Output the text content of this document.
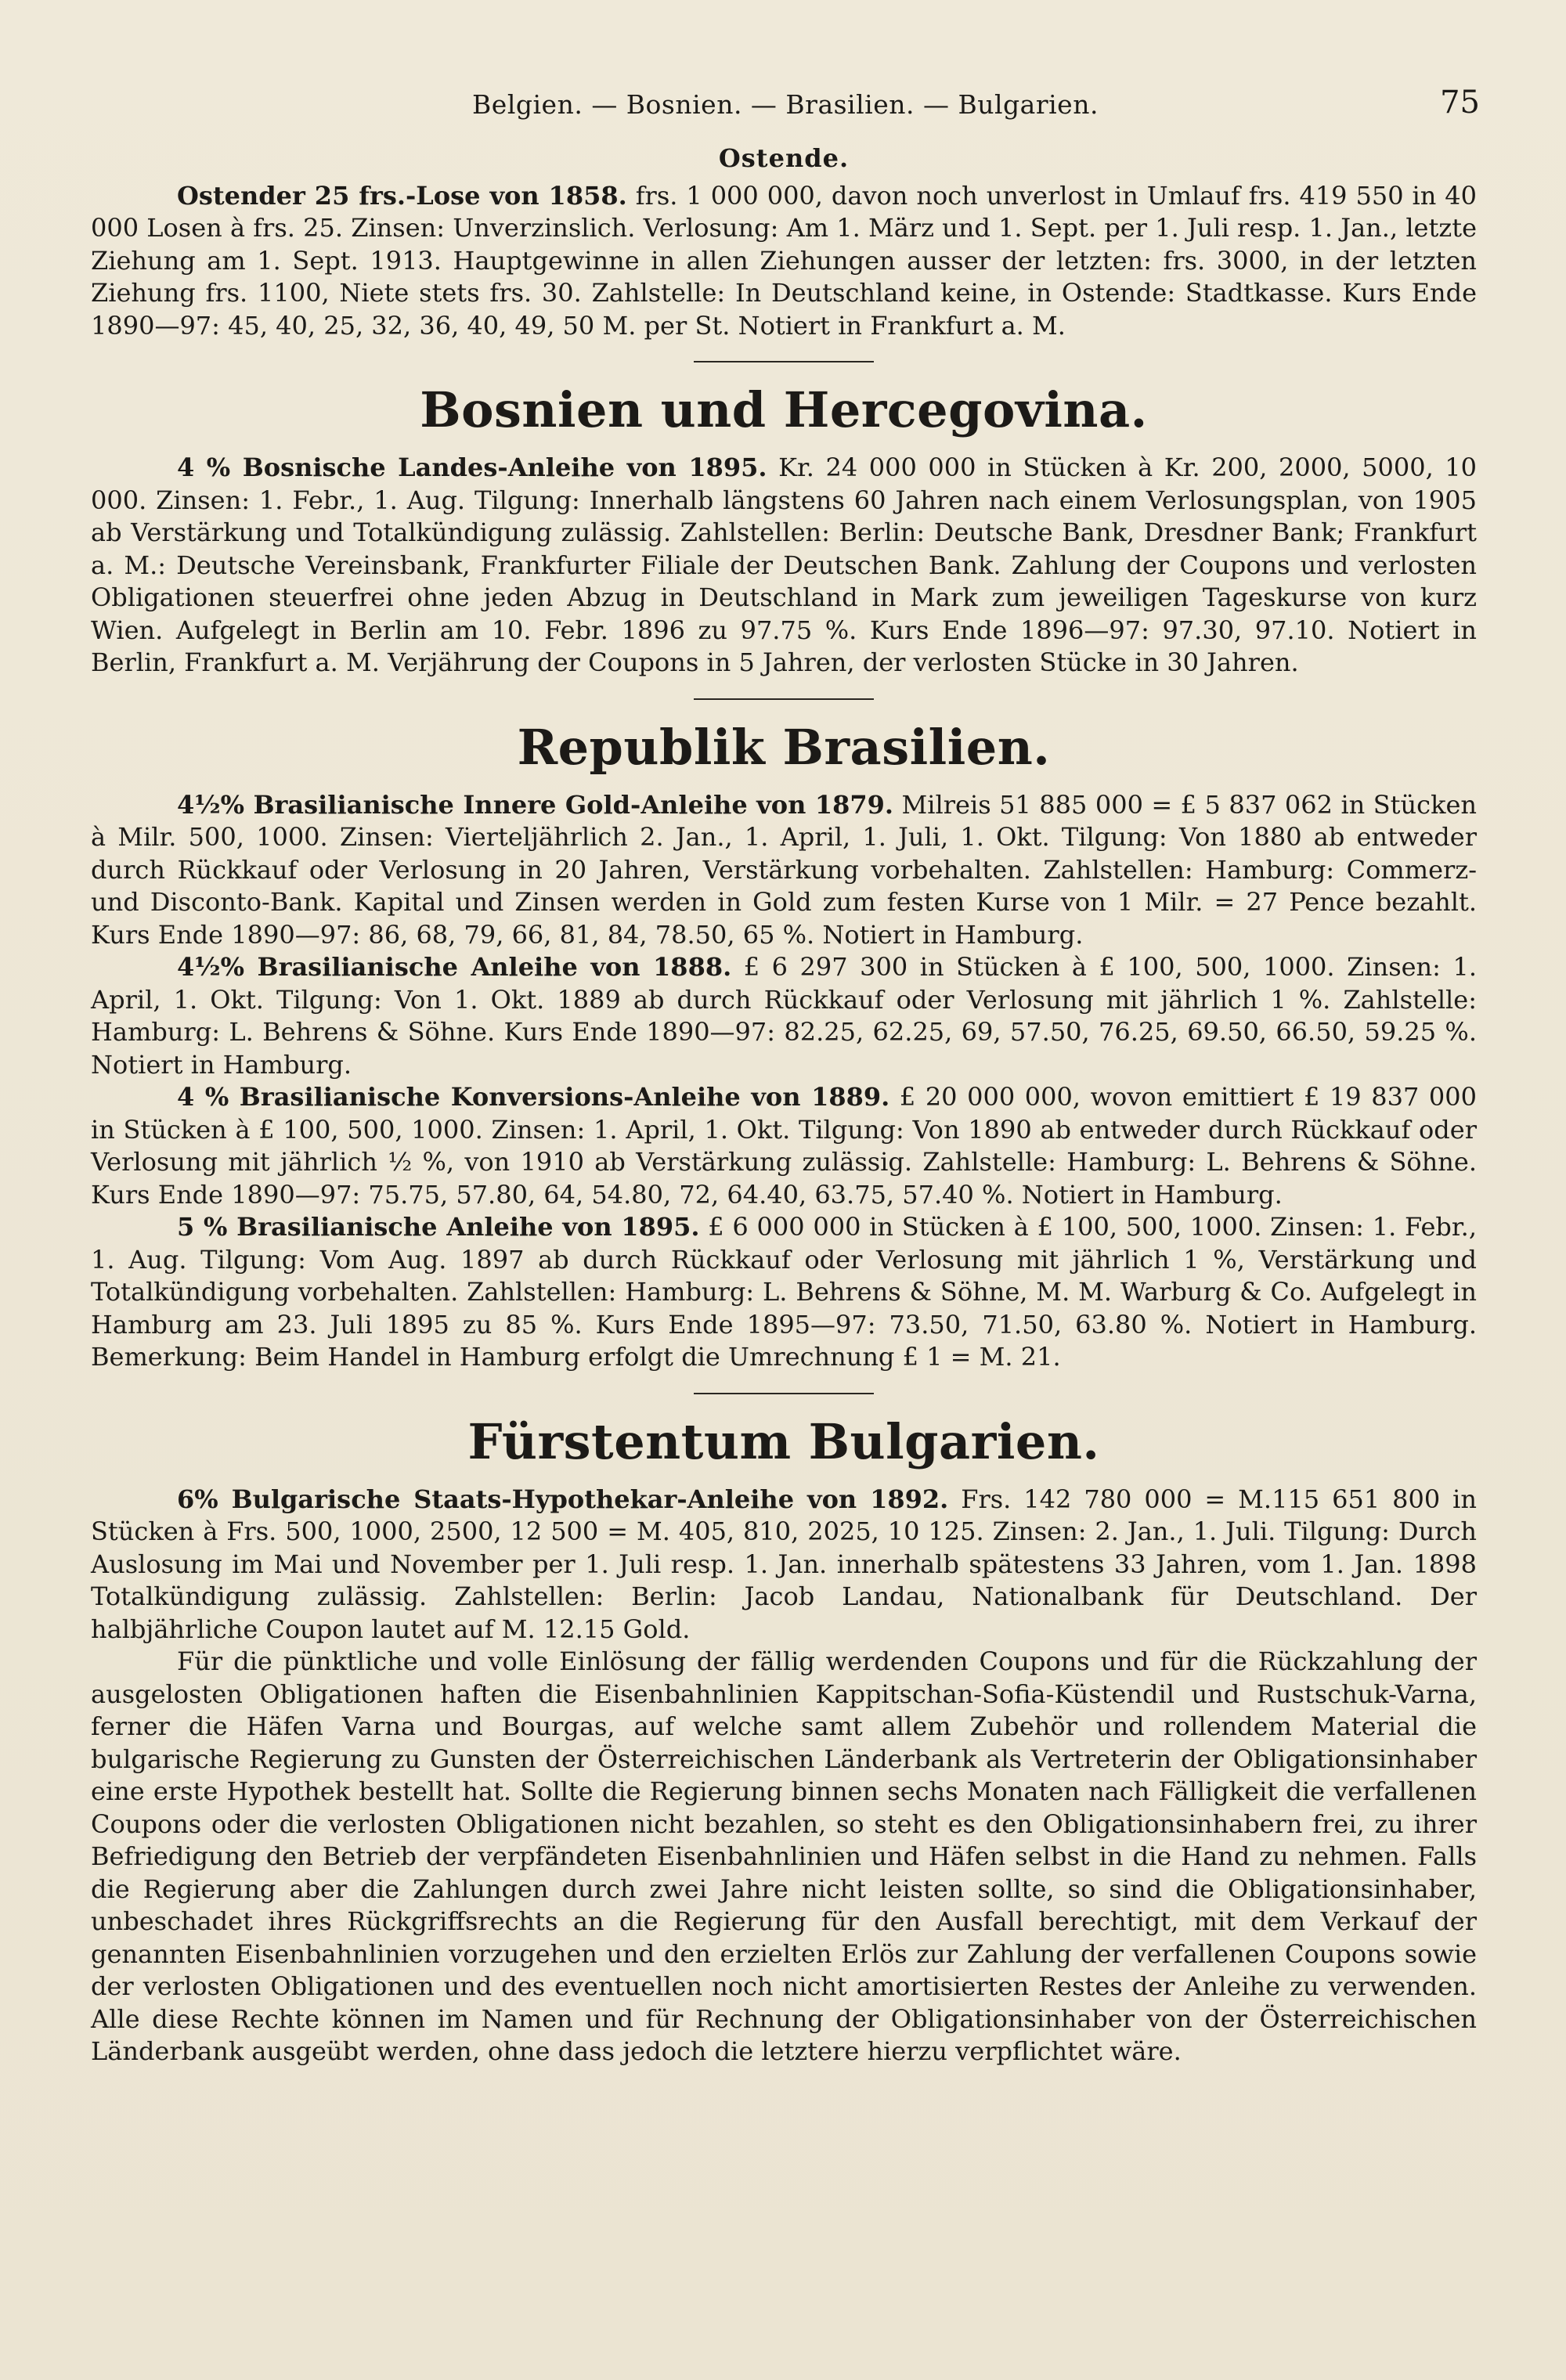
Belgien. — Bosnien. — Brasilien. — Bulgarien.	75
Ostende.

Ostender 25 frs.-Lose von 1858. frs. 1 000 000, davon noch unverlost in Umlauf frs. 419 550 in 40 000 Losen à frs. 25. Zinsen: Unverzinslich. Verlosung: Am 1. März und 1. Sept. per 1. Juli resp. 1. Jan., letzte Ziehung am 1. Sept. 1913. Hauptgewinne in allen Ziehungen ausser der letzten: frs. 3000, in der letzten Ziehung frs. 1100, Niete stets frs. 30. Zahlstelle: In Deutschland keine, in Ostende: Stadtkasse. Kurs Ende 1890—97: 45, 40, 25, 32, 36, 40, 49, 50 M. per St. Notiert in Frankfurt a. M.

Bosnien und Hercegovina.

4 % Bosnische Landes-Anleihe von 1895. Kr. 24 000 000 in Stücken à Kr. 200, 2000, 5000, 10 000. Zinsen: 1. Febr., 1. Aug. Tilgung: Innerhalb längstens 60 Jahren nach einem Verlosungsplan, von 1905 ab Verstärkung und Totalkündigung zulässig. Zahlstellen: Berlin: Deutsche Bank, Dresdner Bank; Frankfurt a. M.: Deutsche Vereinsbank, Frankfurter Filiale der Deutschen Bank. Zahlung der Coupons und verlosten Obligationen steuerfrei ohne jeden Abzug in Deutschland in Mark zum jeweiligen Tageskurse von kurz Wien. Aufgelegt in Berlin am 10. Febr. 1896 zu 97.75 %. Kurs Ende 1896—97: 97.30, 97.10. Notiert in Berlin, Frankfurt a. M. Verjährung der Coupons in 5 Jahren, der verlosten Stücke in 30 Jahren.

Republik Brasilien.

4½% Brasilianische Innere Gold-Anleihe von 1879. Milreis 51 885 000 = £ 5 837 062 in Stücken à Milr. 500, 1000. Zinsen: Vierteljährlich 2. Jan., 1. April, 1. Juli, 1. Okt. Tilgung: Von 1880 ab entweder durch Rückkauf oder Verlosung in 20 Jahren, Verstärkung vorbehalten. Zahlstellen: Hamburg: Commerz- und Disconto-Bank. Kapital und Zinsen werden in Gold zum festen Kurse von 1 Milr. = 27 Pence bezahlt. Kurs Ende 1890—97: 86, 68, 79, 66, 81, 84, 78.50, 65 %. Notiert in Hamburg.

4½% Brasilianische Anleihe von 1888. £ 6 297 300 in Stücken à £ 100, 500, 1000. Zinsen: 1. April, 1. Okt. Tilgung: Von 1. Okt. 1889 ab durch Rückkauf oder Verlosung mit jährlich 1 %. Zahlstelle: Hamburg: L. Behrens & Söhne. Kurs Ende 1890—97: 82.25, 62.25, 69, 57.50, 76.25, 69.50, 66.50, 59.25 %. Notiert in Hamburg.

4 % Brasilianische Konversions-Anleihe von 1889. £ 20 000 000, wovon emittiert £ 19 837 000 in Stücken à £ 100, 500, 1000. Zinsen: 1. April, 1. Okt. Tilgung: Von 1890 ab entweder durch Rückkauf oder Verlosung mit jährlich ½ %, von 1910 ab Verstärkung zulässig. Zahlstelle: Hamburg: L. Behrens & Söhne. Kurs Ende 1890—97: 75.75, 57.80, 64, 54.80, 72, 64.40, 63.75, 57.40 %. Notiert in Hamburg.

5 % Brasilianische Anleihe von 1895. £ 6 000 000 in Stücken à £ 100, 500, 1000. Zinsen: 1. Febr., 1. Aug. Tilgung: Vom Aug. 1897 ab durch Rückkauf oder Verlosung mit jährlich 1 %, Verstärkung und Totalkündigung vorbehalten. Zahlstellen: Hamburg: L. Behrens & Söhne, M. M. Warburg & Co. Aufgelegt in Hamburg am 23. Juli 1895 zu 85 %. Kurs Ende 1895—97: 73.50, 71.50, 63.80 %. Notiert in Hamburg. Bemerkung: Beim Handel in Hamburg erfolgt die Umrechnung £ 1 = M. 21.

Fürstentum Bulgarien.

6% Bulgarische Staats-Hypothekar-Anleihe von 1892. Frs. 142 780 000 = M.115 651 800 in Stücken à Frs. 500, 1000, 2500, 12 500 = M. 405, 810, 2025, 10 125. Zinsen: 2. Jan., 1. Juli. Tilgung: Durch Auslosung im Mai und November per 1. Juli resp. 1. Jan. innerhalb spätestens 33 Jahren, vom 1. Jan. 1898 Totalkündigung zulässig. Zahlstellen: Berlin: Jacob Landau, Nationalbank für Deutschland. Der halbjährliche Coupon lautet auf M. 12.15 Gold.

Für die pünktliche und volle Einlösung der fällig werdenden Coupons und für die Rückzahlung der ausgelosten Obligationen haften die Eisenbahnlinien Kappitschan-Sofia-Küstendil und Rustschuk-Varna, ferner die Häfen Varna und Bourgas, auf welche samt allem Zubehör und rollendem Material die bulgarische Regierung zu Gunsten der Österreichischen Länderbank als Vertreterin der Obligationsinhaber eine erste Hypothek bestellt hat. Sollte die Regierung binnen sechs Monaten nach Fälligkeit die verfallenen Coupons oder die verlosten Obligationen nicht bezahlen, so steht es den Obligationsinhabern frei, zu ihrer Befriedigung den Betrieb der verpfändeten Eisenbahnlinien und Häfen selbst in die Hand zu nehmen. Falls die Regierung aber die Zahlungen durch zwei Jahre nicht leisten sollte, so sind die Obligationsinhaber, unbeschadet ihres Rückgriffsrechts an die Regierung für den Ausfall berechtigt, mit dem Verkauf der genannten Eisenbahnlinien vorzugehen und den erzielten Erlös zur Zahlung der verfallenen Coupons sowie der verlosten Obligationen und des eventuellen noch nicht amortisierten Restes der Anleihe zu verwenden. Alle diese Rechte können im Namen und für Rechnung der Obligationsinhaber von der Österreichischen Länderbank ausgeübt werden, ohne dass jedoch die letztere hierzu verpflichtet wäre.
